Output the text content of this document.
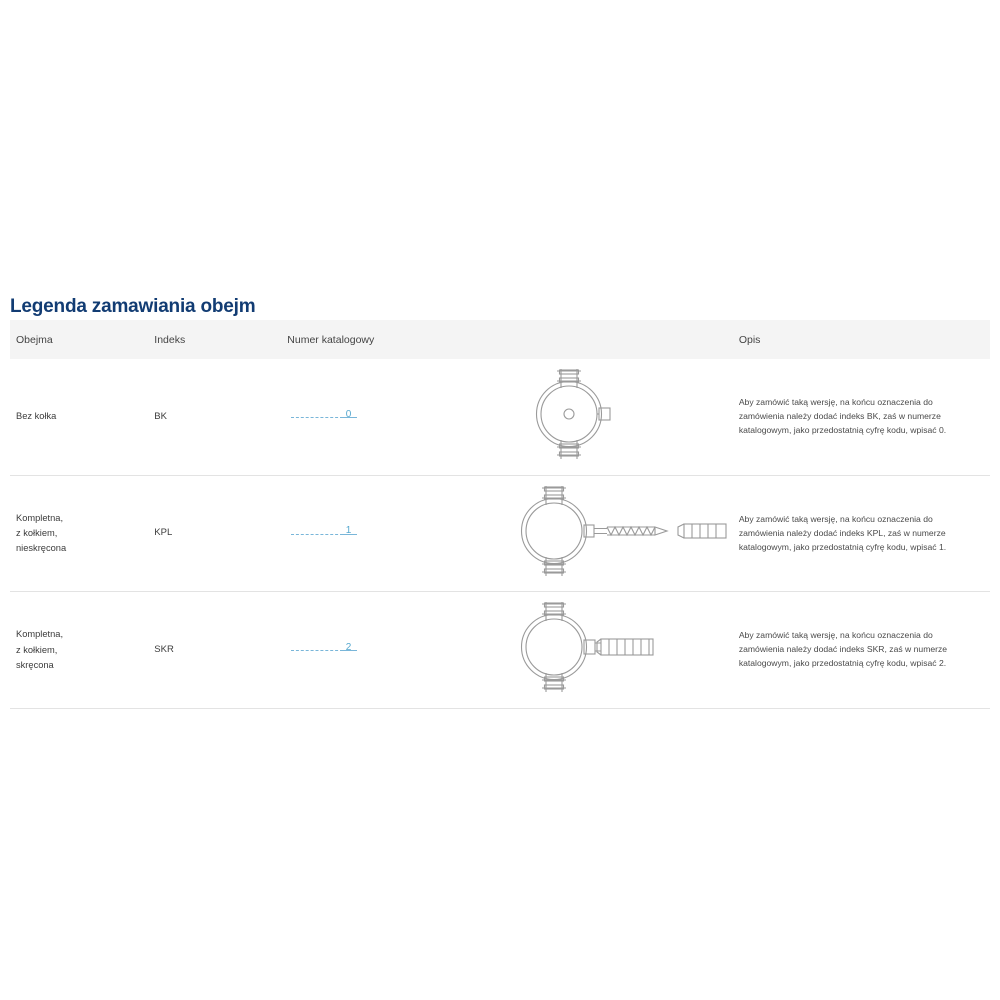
Legenda zamawiania obejm
Obejma	Indeks	Numer katalogowy		Opis

Bez kołka	BK	0		Aby zamówić taką wersję, na końcu oznaczenia do zamówienia należy dodać indeks BK, zaś w numerze katalogowym, jako przedostatnią cyfrę kodu, wpisać 0.

Kompletna,
z kołkiem,
nieskręcona	KPL	1		Aby zamówić taką wersję, na końcu oznaczenia do zamówienia należy dodać indeks KPL, zaś w numerze katalogowym, jako przedostatnią cyfrę kodu, wpisać 1.

Kompletna,
z kołkiem,
skręcona	SKR	2		Aby zamówić taką wersję, na końcu oznaczenia do zamówienia należy dodać indeks SKR, zaś w numerze katalogowym, jako przedostatnią cyfrę kodu, wpisać 2.
